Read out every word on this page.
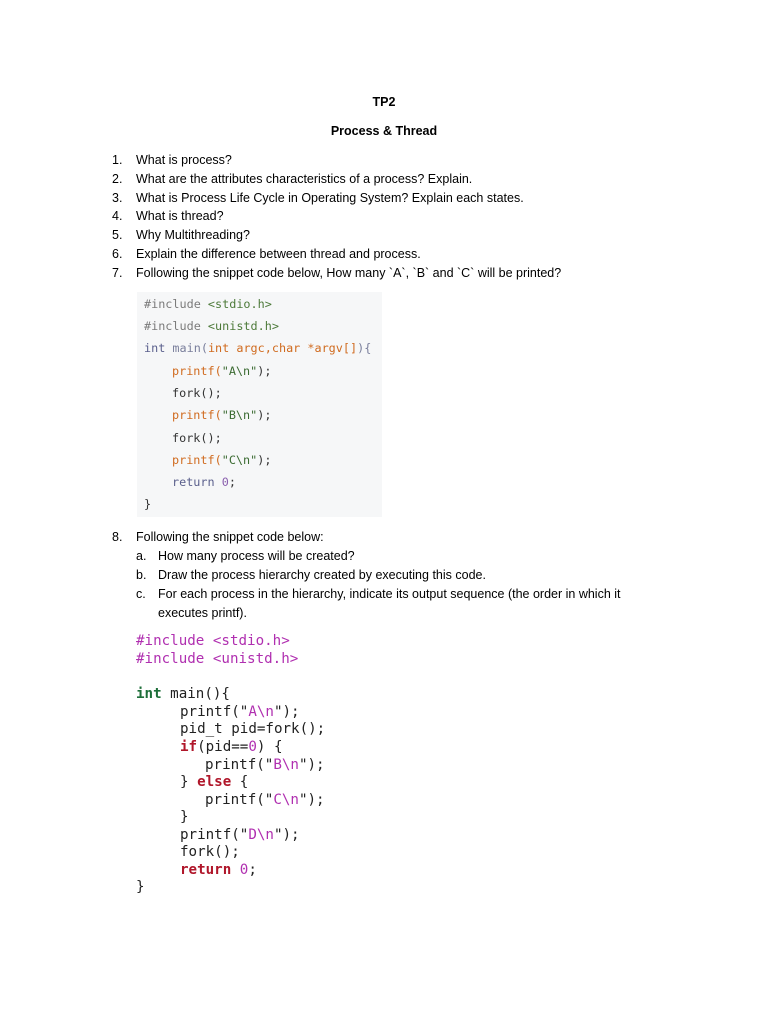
TP2
Process & Thread
1.	What is process?
2.	What are the attributes characteristics of a process? Explain.
3.	What is Process Life Cycle in Operating System? Explain each states.
4.	What is thread?
5.	Why Multithreading?
6.	Explain the difference between thread and process.
7.	Following the snippet code below, How many `A`, `B` and `C` will be printed?
#include <stdio.h>
#include <unistd.h>
int main(int argc,char *argv[]){
printf("A\n");
fork();
printf("B\n");
fork();
printf("C\n");
return 0;
}
8. Following the snippet code below:
a. How many process will be created?
b. Draw the process hierarchy created by executing this code.
c. For each process in the hierarchy, indicate its output sequence (the order in which it
executes printf).
#include <stdio.h>
#include <unistd.h>
int main(){
printf("A\n");
pid_t pid=fork();
if(pid==0) {
printf("B\n");
} else {
printf("C\n");
}
printf("D\n");
fork();
return 0;
}
